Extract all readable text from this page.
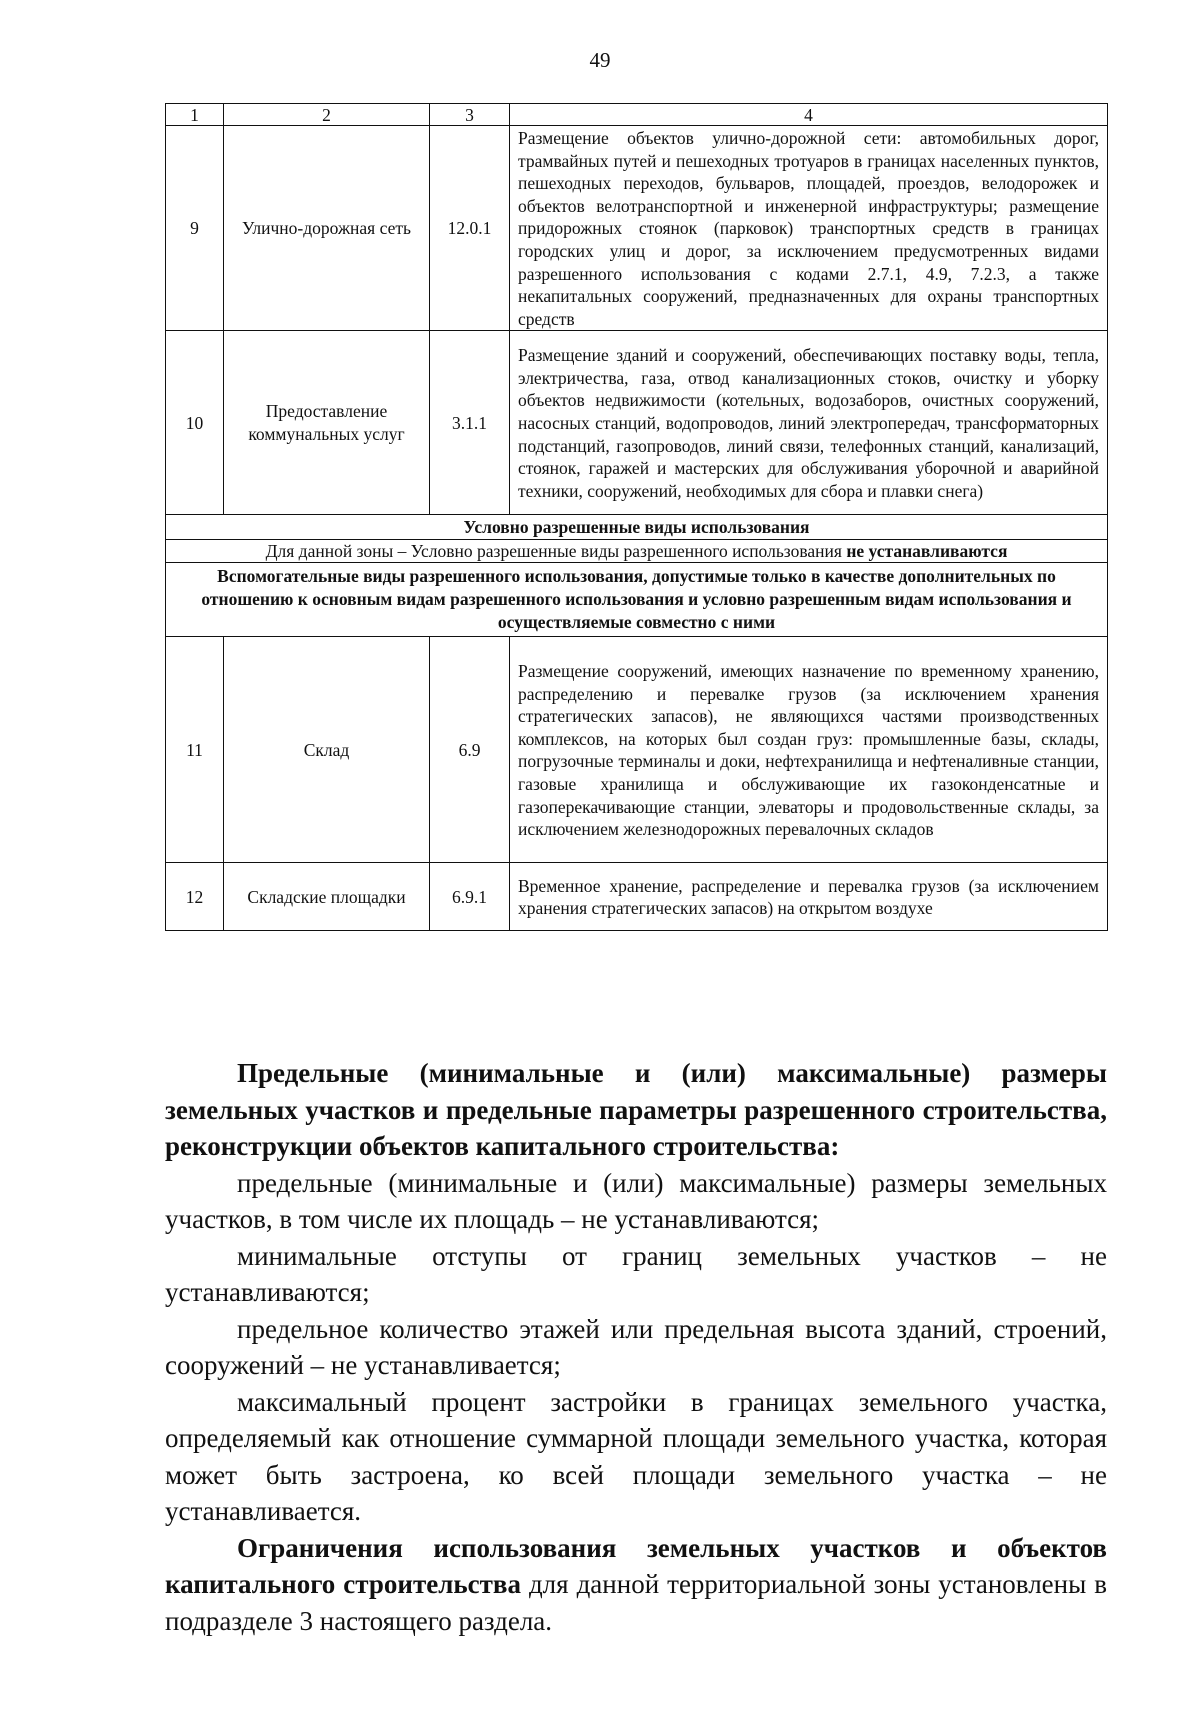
49
1	2	3	4
9	Улично-дорожная сеть	12.0.1	Размещение объектов улично-дорожной сети: автомобильных дорог, трамвайных путей и пешеходных тротуаров в границах населенных пунктов, пешеходных переходов, бульваров, площадей, проездов, велодорожек и объектов велотранспортной и инженерной инфраструктуры; размещение придорожных стоянок (парковок) транспортных средств в границах городских улиц и дорог, за исключением предусмотренных видами разрешенного использования с кодами 2.7.1, 4.9, 7.2.3, а также некапитальных сооружений, предназначенных для охраны транспортных средств
10	Предоставление коммунальных услуг	3.1.1	Размещение зданий и сооружений, обеспечивающих поставку воды, тепла, электричества, газа, отвод канализационных стоков, очистку и уборку объектов недвижимости (котельных, водозаборов, очистных сооружений, насосных станций, водопроводов, линий электропередач, трансформаторных подстанций, газопроводов, линий связи, телефонных станций, канализаций, стоянок, гаражей и мастерских для обслуживания уборочной и аварийной техники, сооружений, необходимых для сбора и плавки снега)
Условно разрешенные виды использования			
Для данной зоны – Условно разрешенные виды разрешенного использования не устанавливаются			
Вспомогательные виды разрешенного использования, допустимые только в качестве дополнительных по отношению к основным видам разрешенного использования и условно разрешенным видам использования и осуществляемые совместно с ними			
11	Склад	6.9	Размещение сооружений, имеющих назначение по временному хранению, распределению и перевалке грузов (за исключением хранения стратегических запасов), не являющихся частями производственных комплексов, на которых был создан груз: промышленные базы, склады, погрузочные терминалы и доки, нефтехранилища и нефтеналивные станции, газовые хранилища и обслуживающие их газоконденсатные и газоперекачивающие станции, элеваторы и продовольственные склады, за исключением железнодорожных перевалочных складов
12	Складские площадки	6.9.1	Временное хранение, распределение и перевалка грузов (за исключением хранения стратегических запасов) на открытом воздухе

Предельные (минимальные и (или) максимальные) размеры земельных участков и предельные параметры разрешенного строительства, реконструкции объектов капитального строительства:

предельные (минимальные и (или) максимальные) размеры земельных участков, в том числе их площадь – не устанавливаются;

минимальные отступы от границ земельных участков – не устанавливаются;

предельное количество этажей или предельная высота зданий, строений, сооружений – не устанавливается;

максимальный процент застройки в границах земельного участка, определяемый как отношение суммарной площади земельного участка, которая может быть застроена, ко всей площади земельного участка – не устанавливается.

Ограничения использования земельных участков и объектов капитального строительства для данной территориальной зоны установлены в подразделе 3 настоящего раздела.
